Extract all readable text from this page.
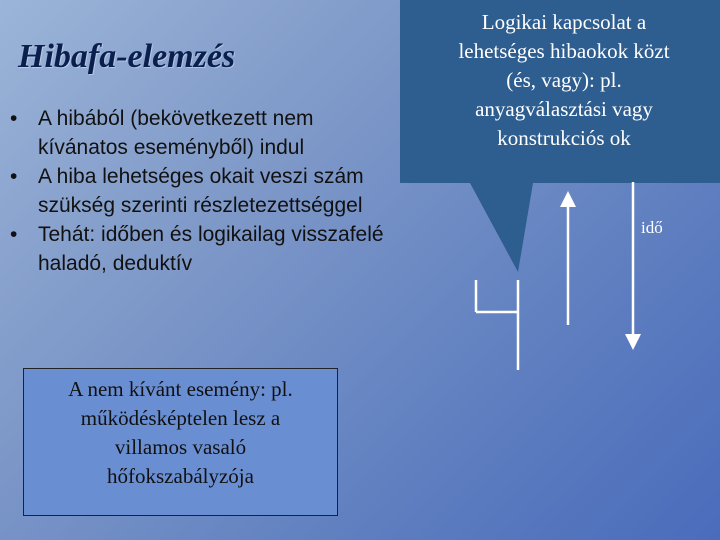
Hibafa-elemzés
• A hibából (bekövetkezett nem
kívánatos eseményből) indul
• A hiba lehetséges okait veszi szám
szükség szerinti részletezettséggel
• Tehát: időben és logikailag visszafelé
haladó, deduktív
Logikai kapcsolat a
lehetséges hibaokok közt
(és, vagy): pl.
anyagválasztási vagy
konstrukciós ok
idő
A nem kívánt esemény: pl.
működésképtelen lesz a
villamos vasaló
hőfokszabályzója
